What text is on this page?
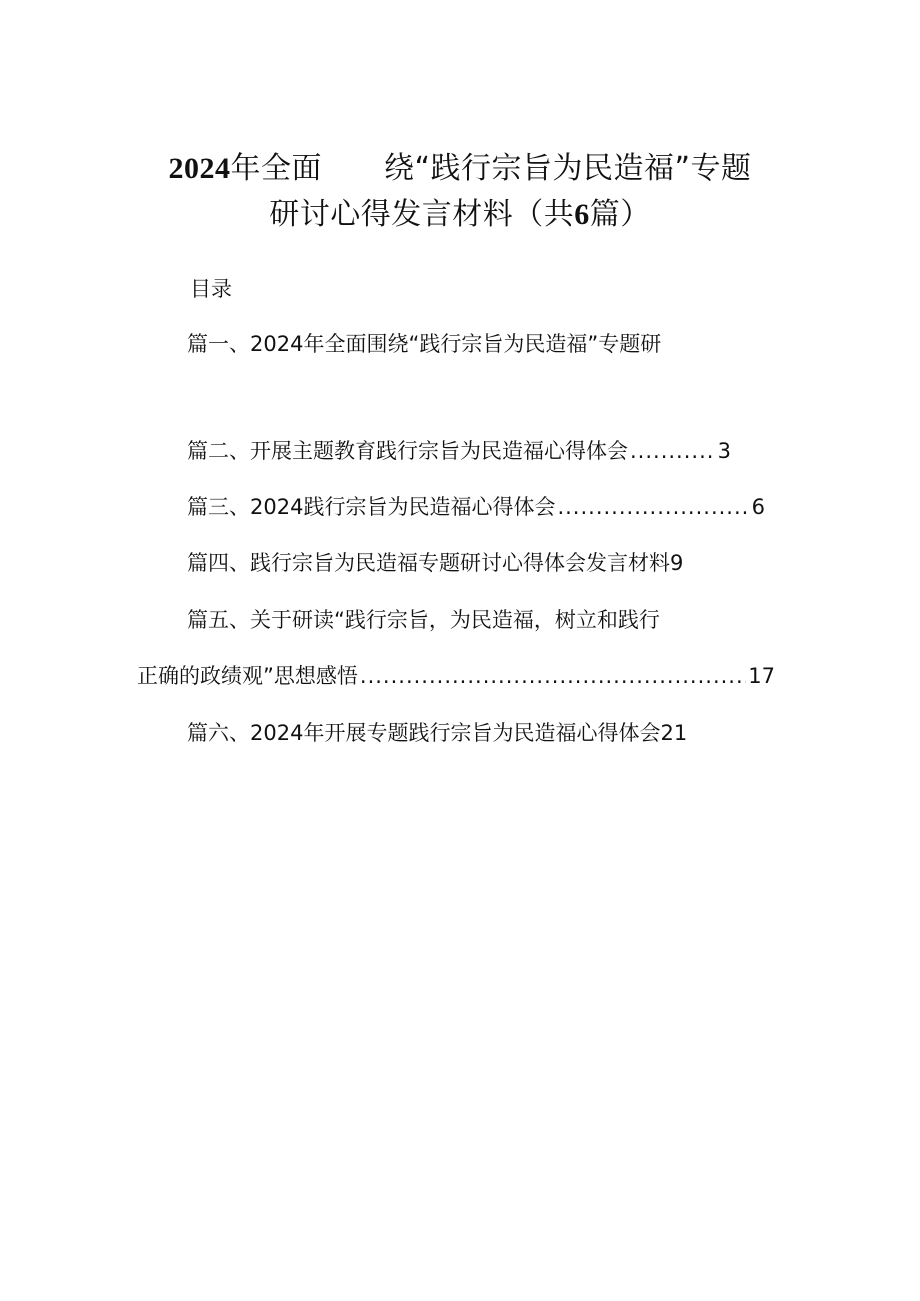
2024年全面 绕“践行宗旨为民造福”专题
研讨心得发言材料（共6篇）
目录
篇一、2024年全面围绕“践行宗旨为民造福”专题研
篇二、开展主题教育践行宗旨为民造福心得体会 .....	3
篇三、2024践行宗旨为民造福心得体会 .....	6
篇四、践行宗旨为民造福专题研讨心得体会发言材料 9
篇五、关于研读“践行宗旨，为民造福，树立和践行
正确的政绩观”思想感悟 .....	17
篇六、2024年开展专题践行宗旨为民造福心得体会 21
